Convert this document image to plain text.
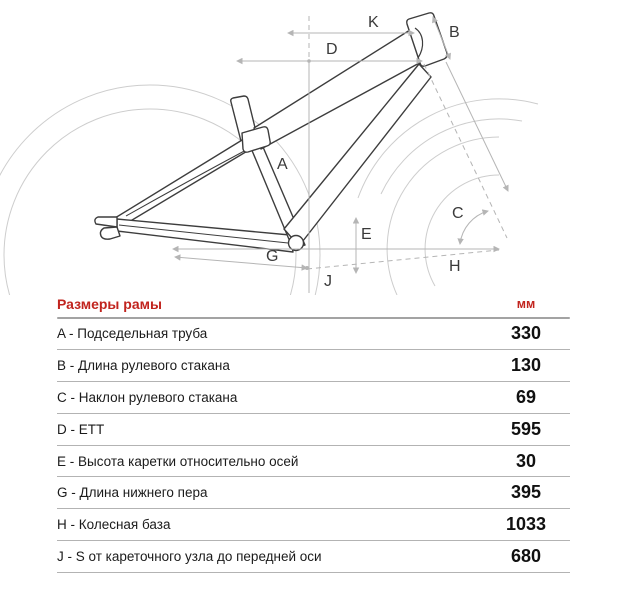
K
B
D
A
E
C
G
H
J
Размеры рамы	мм
A - Подседельная труба	330
B - Длина рулевого стакана	130
C - Наклон рулевого стакана	69
D - ETT	595
E - Высота каретки относительно осей	30
G - Длина нижнего пера	395
H - Колесная база	1033
J - S от кареточного узла до передней оси	680
